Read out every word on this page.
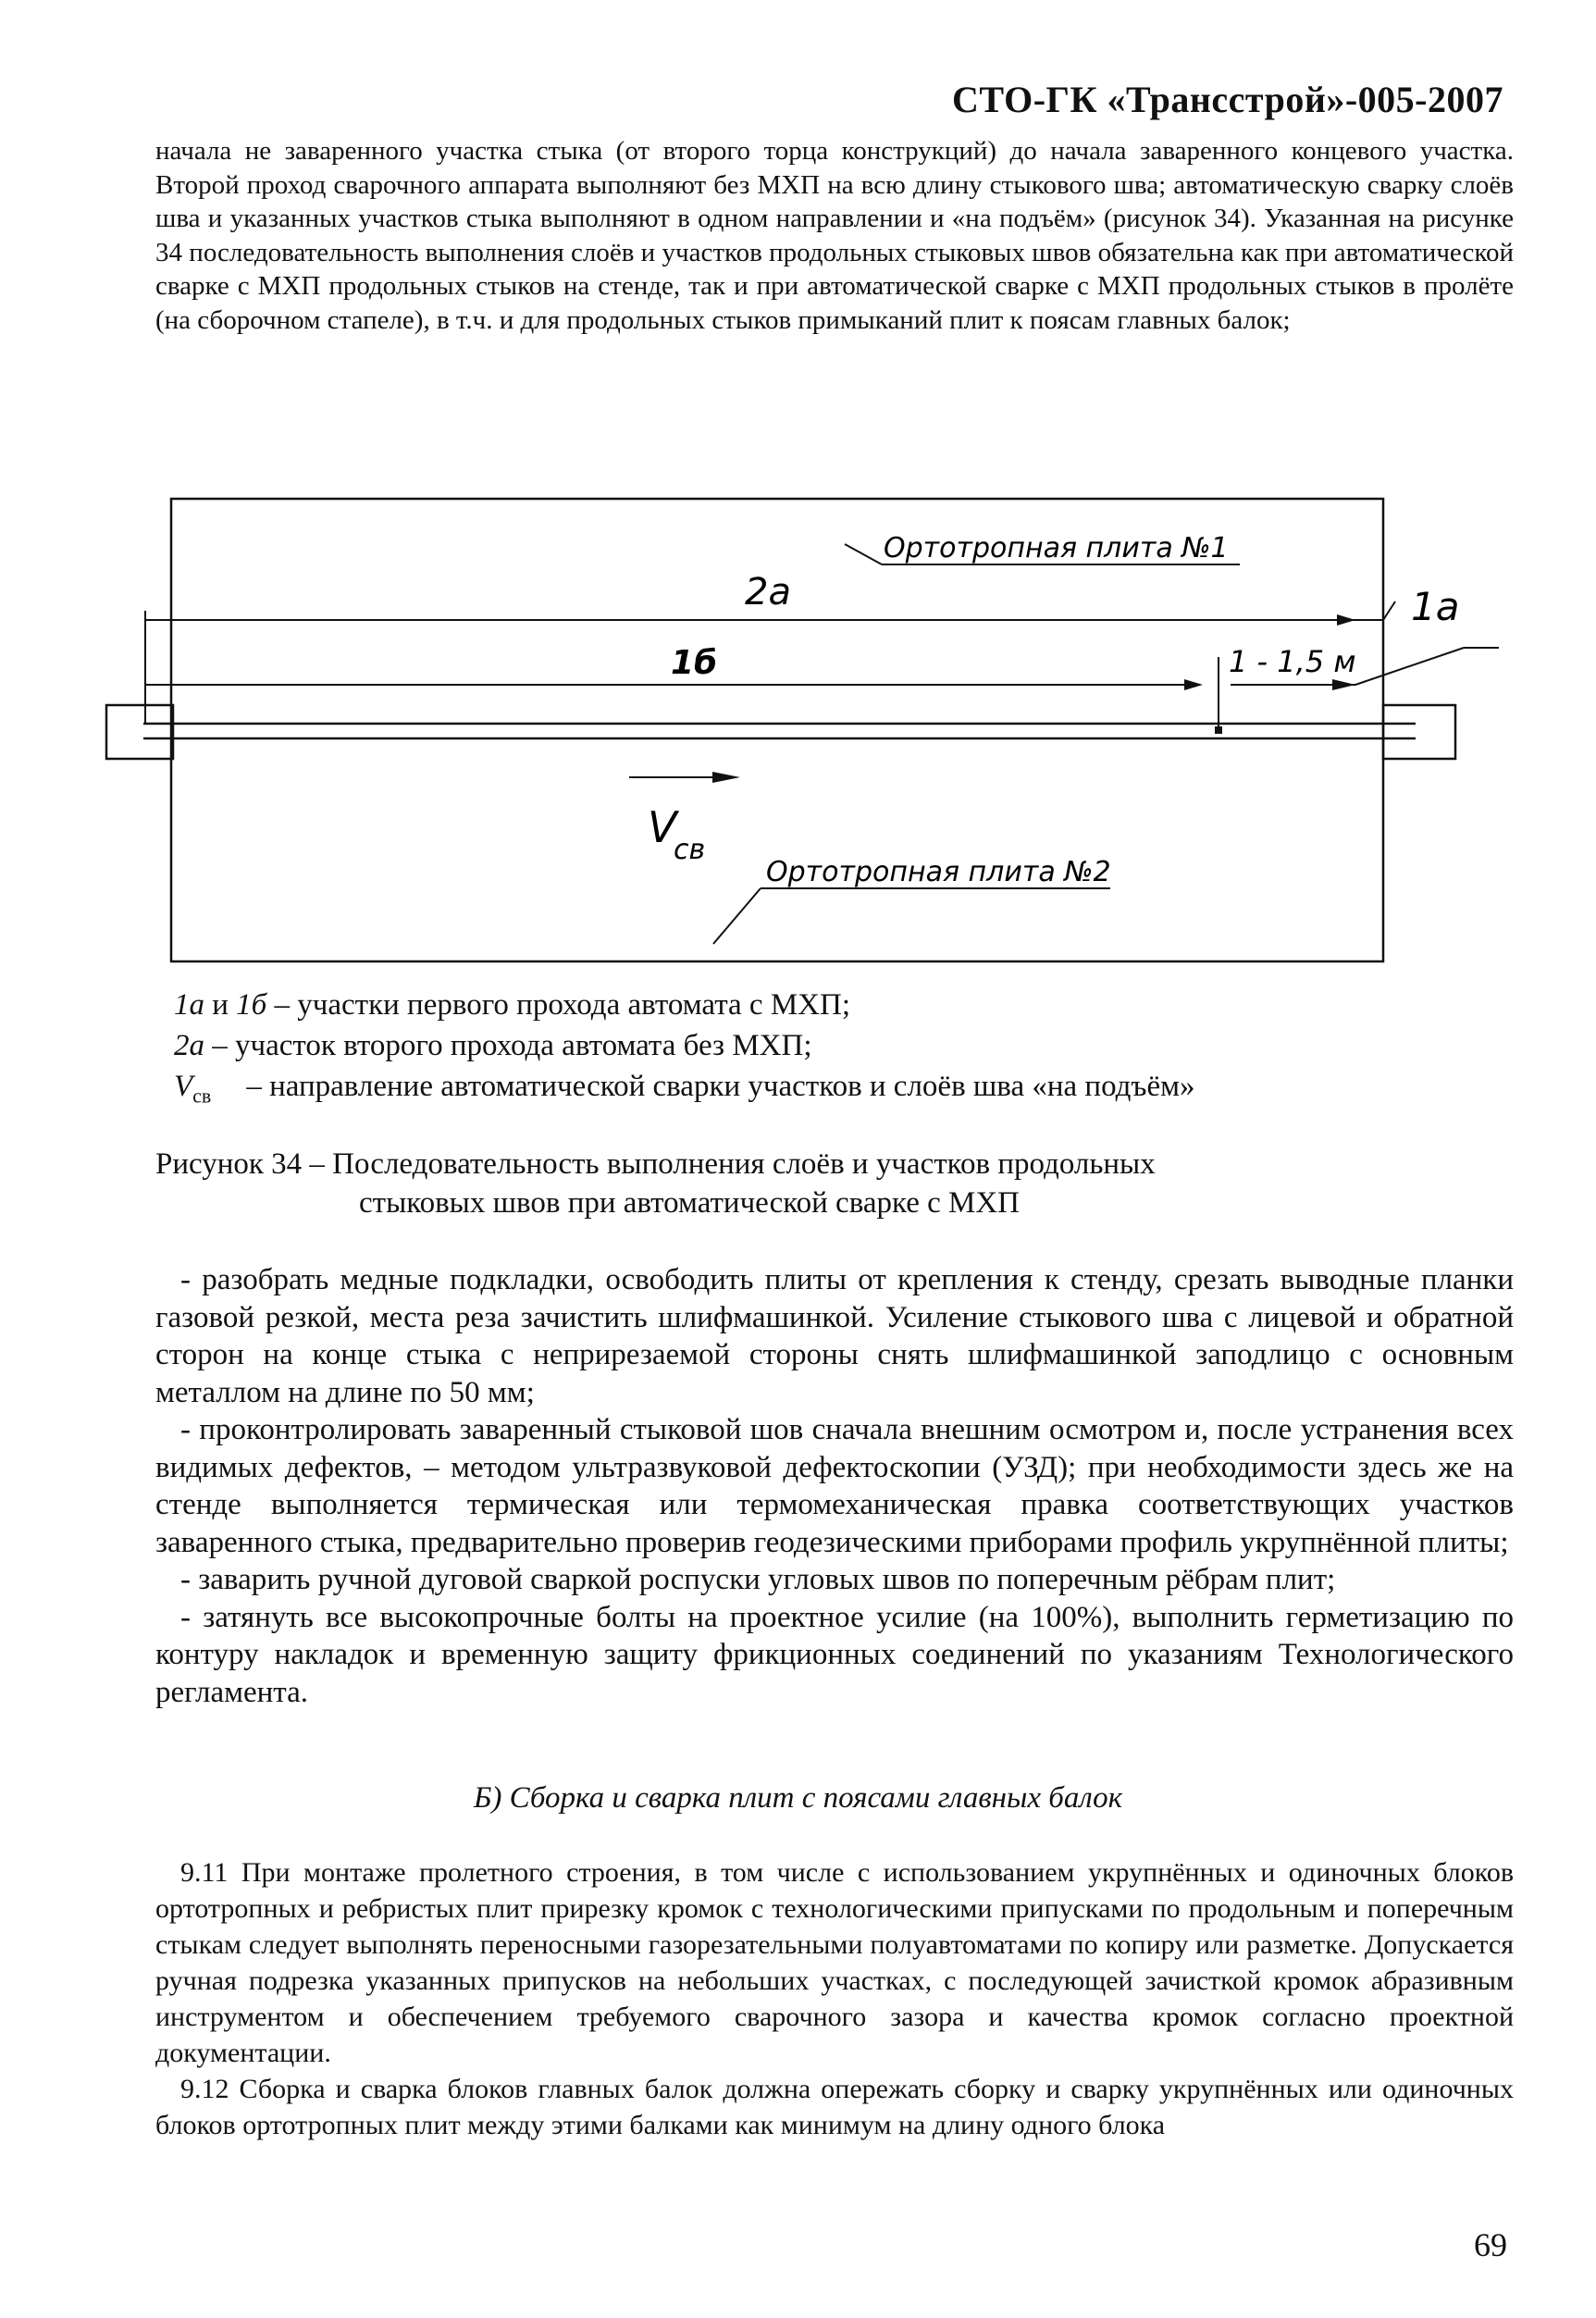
СТО-ГК «Трансстрой»-005-2007

начала не заваренного участка стыка (от второго торца конструкций) до начала заваренного концевого участка. Второй проход сварочного аппарата выполняют без МХП на всю длину стыкового шва; автоматическую сварку слоёв шва и указанных участков стыка выполняют в одном направлении и «на подъём» (рисунок 34). Указанная на рисунке 34 последовательность выполнения слоёв и участков продольных стыковых швов обязательна как при автоматической сварке с МХП продольных стыков на стенде, так и при автоматической сварке с МХП продольных стыков в пролёте (на сборочном стапеле), в т.ч. и для продольных стыков примыканий плит к поясам главных балок;

Ортотропная плита №1
Ортотропная плита №2
2а
1б
1а
1 - 1,5 м
V
св
1а и 1б – участки первого прохода автомата с МХП;
2а – участок второго прохода автомата без МХП;
$V_{св}$ – направление автоматической сварки участков и слоёв шва «на подъём»
Рисунок 34 – Последовательность выполнения слоёв и участков продольных
стыковых швов при автоматической сварке с МХП

- разобрать медные подкладки, освободить плиты от крепления к стенду, срезать выводные планки газовой резкой, места реза зачистить шлифмашинкой. Усиление стыкового шва с лицевой и обратной сторон на конце стыка с неприрезаемой стороны снять шлифмашинкой заподлицо с основным металлом на длине по 50 мм;

- проконтролировать заваренный стыковой шов сначала внешним осмотром и, после устранения всех видимых дефектов, – методом ультразвуковой дефектоскопии (УЗД); при необходимости здесь же на стенде выполняется термическая или термомеханическая правка соответствующих участков заваренного стыка, предварительно проверив геодезическими приборами профиль укрупнённой плиты;

- заварить ручной дуговой сваркой роспуски угловых швов по поперечным рёбрам плит;

- затянуть все высокопрочные болты на проектное усилие (на 100%), выполнить герметизацию по контуру накладок и временную защиту фрикционных соединений по указаниям Технологического регламента.

Б) Сборка и сварка плит с поясами главных балок

9.11 При монтаже пролетного строения, в том числе с использованием укрупнённых и одиночных блоков ортотропных и ребристых плит прирезку кромок с технологическими припусками по продольным и поперечным стыкам следует выполнять переносными газорезательными полуавтоматами по копиру или разметке. Допускается ручная подрезка указанных припусков на небольших участках, с последующей зачисткой кромок абразивным инструментом и обеспечением требуемого сварочного зазора и качества кромок согласно проектной документации.

9.12 Сборка и сварка блоков главных балок должна опережать сборку и сварку укрупнённых или одиночных блоков ортотропных плит между этими балками как минимум на длину одного блока

69
